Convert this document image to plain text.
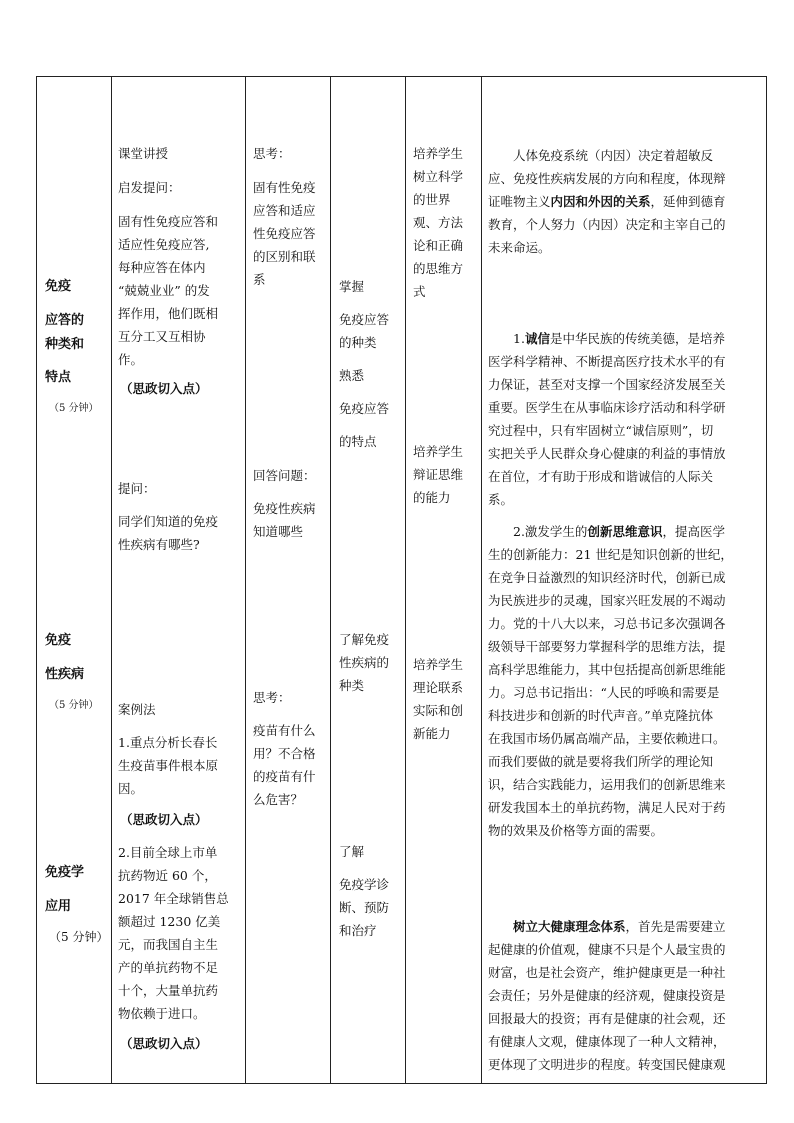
免疫
应答的
种类和
特点
（5 分钟）
免疫
性疾病
（5 分钟）
免疫学
应用
（5 分钟）
课堂讲授
启发提问：
固有性免疫应答和
适应性免疫应答,
每种应答在体内
“兢兢业业” 的发
挥作用，他们既相
互分工又互相协
作。
（思政切入点）
提问：
同学们知道的免疫
性疾病有哪些?
案例法
1.重点分析长春长
生疫苗事件根本原
因。
（思政切入点）
2.目前全球上市单
抗药物近 60 个，
2017 年全球销售总
额超过 1230 亿美
元，而我国自主生
产的单抗药物不足
十个，大量单抗药
物依赖于进口。
（思政切入点）
思考：
固有性免疫
应答和适应
性免疫应答
的区别和联
系
回答问题：
免疫性疾病
知道哪些
思考：
疫苗有什么
用？不合格
的疫苗有什
么危害？
掌握
免疫应答
的种类
熟悉
免疫应答
的特点
了解免疫
性疾病的
种类
了解
免疫学诊
断、预防
和治疗
培养学生
树立科学
的世界
观、方法
论和正确
的思维方
式
培养学生
辩证思维
的能力
培养学生
理论联系
实际和创
新能力
人体免疫系统（内因）决定着超敏反
应、免疫性疾病发展的方向和程度，体现辩
证唯物主义内因和外因的关系，延伸到德育
教育，个人努力（内因）决定和主宰自己的
未来命运。
1.诚信是中华民族的传统美德，是培养
医学科学精神、不断提高医疗技术水平的有
力保证，甚至对支撑一个国家经济发展至关
重要。医学生在从事临床诊疗活动和科学研
究过程中，只有牢固树立“诚信原则”，切
实把关乎人民群众身心健康的利益的事情放
在首位，才有助于形成和谐诚信的人际关
系。
2.激发学生的创新思维意识，提高医学
生的创新能力：21 世纪是知识创新的世纪，
在竞争日益激烈的知识经济时代，创新已成
为民族进步的灵魂，国家兴旺发展的不竭动
力。党的十八大以来，习总书记多次强调各
级领导干部要努力掌握科学的思维方法，提
高科学思维能力，其中包括提高创新思维能
力。习总书记指出：“人民的呼唤和需要是
科技进步和创新的时代声音。”单克隆抗体
在我国市场仍属高端产品，主要依赖进口。
而我们要做的就是要将我们所学的理论知
识，结合实践能力，运用我们的创新思维来
研发我国本土的单抗药物，满足人民对于药
物的效果及价格等方面的需要。
树立大健康理念体系，首先是需要建立
起健康的价值观，健康不只是个人最宝贵的
财富，也是社会资产，维护健康更是一种社
会责任；另外是健康的经济观，健康投资是
回报最大的投资；再有是健康的社会观，还
有健康人文观，健康体现了一种人文精神，
更体现了文明进步的程度。转变国民健康观
